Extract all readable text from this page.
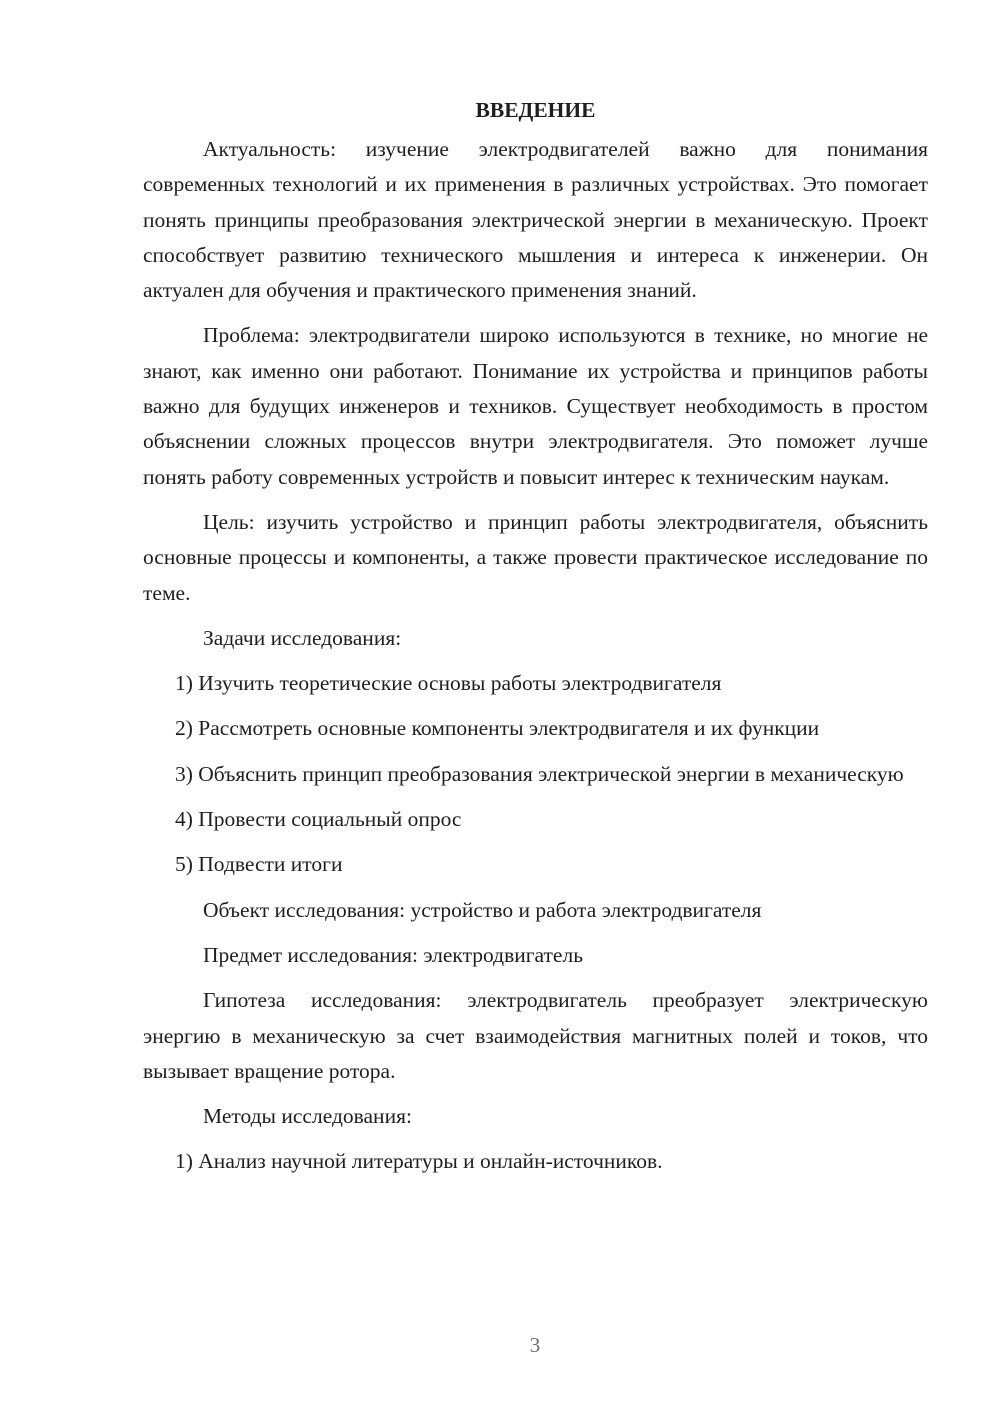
ВВЕДЕНИЕ

Актуальность: изучение электродвигателей важно для понимания современных технологий и их применения в различных устройствах. Это помогает понять принципы преобразования электрической энергии в механическую. Проект способствует развитию технического мышления и интереса к инженерии. Он актуален для обучения и практического применения знаний.

Проблема: электродвигатели широко используются в технике, но многие не знают, как именно они работают. Понимание их устройства и принципов работы важно для будущих инженеров и техников. Существует необходимость в простом объяснении сложных процессов внутри электродвигателя. Это поможет лучше понять работу современных устройств и повысит интерес к техническим наукам.

Цель: изучить устройство и принцип работы электродвигателя, объяснить основные процессы и компоненты, а также провести практическое исследование по теме.

Задачи исследования:

1) Изучить теоретические основы работы электродвигателя

2) Рассмотреть основные компоненты электродвигателя и их функции

3) Объяснить принцип преобразования электрической энергии в механическую

4) Провести социальный опрос

5) Подвести итоги

Объект исследования: устройство и работа электродвигателя

Предмет исследования: электродвигатель

Гипотеза исследования: электродвигатель преобразует электрическую энергию в механическую за счет взаимодействия магнитных полей и токов, что вызывает вращение ротора.

Методы исследования:

1) Анализ научной литературы и онлайн-источников.

3
